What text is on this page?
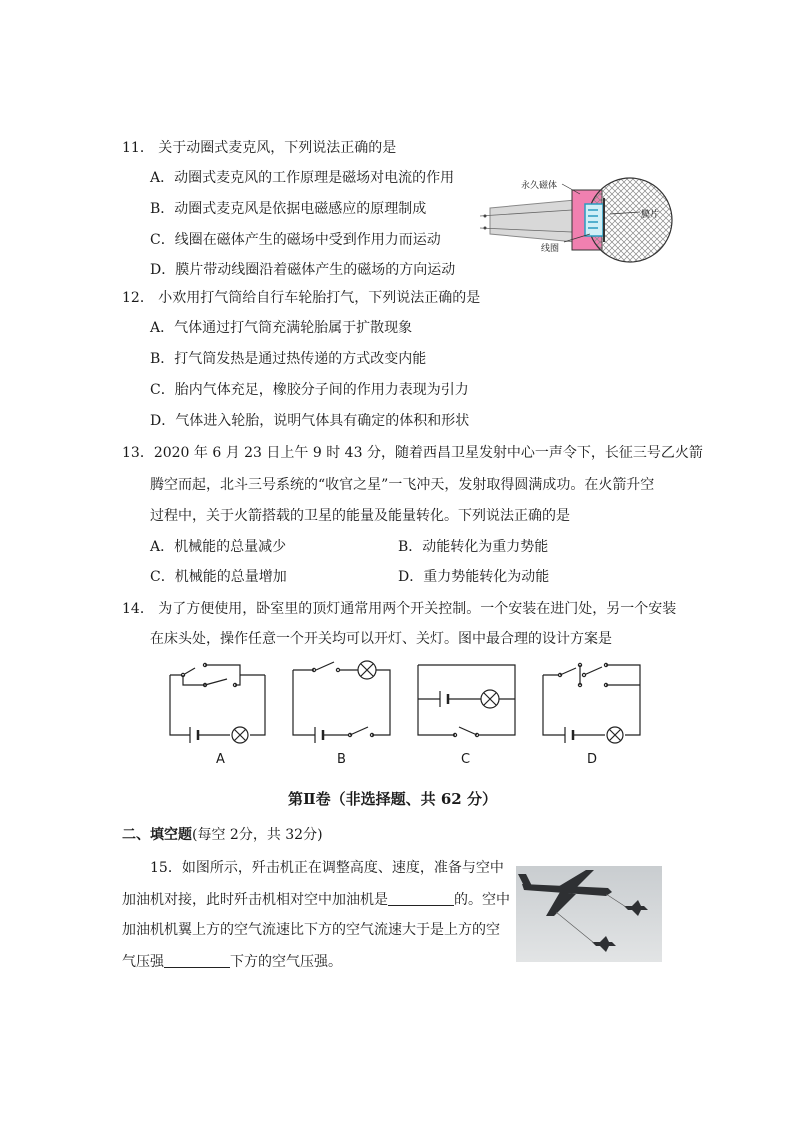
11． 关于动圈式麦克风，下列说法正确的是
A．动圈式麦克风的工作原理是磁场对电流的作用
B．动圈式麦克风是依据电磁感应的原理制成
C．线圈在磁体产生的磁场中受到作用力而运动
D．膜片带动线圈沿着磁体产生的磁场的方向运动
永久磁体
膜片
线圈
12． 小欢用打气筒给自行车轮胎打气，下列说法正确的是
A．气体通过打气筒充满轮胎属于扩散现象
B．打气筒发热是通过热传递的方式改变内能
C．胎内气体充足，橡胶分子间的作用力表现为引力
D．气体进入轮胎，说明气体具有确定的体积和形状
13．2020 年 6 月 23 日上午 9 时 43 分，随着西昌卫星发射中心一声令下，长征三号乙火箭
腾空而起，北斗三号系统的“收官之星”一飞冲天，发射取得圆满成功。在火箭升空
过程中，关于火箭搭载的卫星的能量及能量转化。下列说法正确的是
A．机械能的总量减少	B．动能转化为重力势能
C．机械能的总量增加	D．重力势能转化为动能
14． 为了方便使用，卧室里的顶灯通常用两个开关控制。一个安装在进门处，另一个安装
在床头处，操作任意一个开关均可以开灯、关灯。图中最合理的设计方案是
A	B	C	D
第Ⅱ卷（非选择题、共 62 分）
二、填空题(每空 2分，共 32分)
15．如图所示，歼击机正在调整高度、速度，准备与空中
加油机对接，此时歼击机相对空中加油机是	的。空中
加油机机翼上方的空气流速比下方的空气流速大于是上方的空
气压强	下方的空气压强。
